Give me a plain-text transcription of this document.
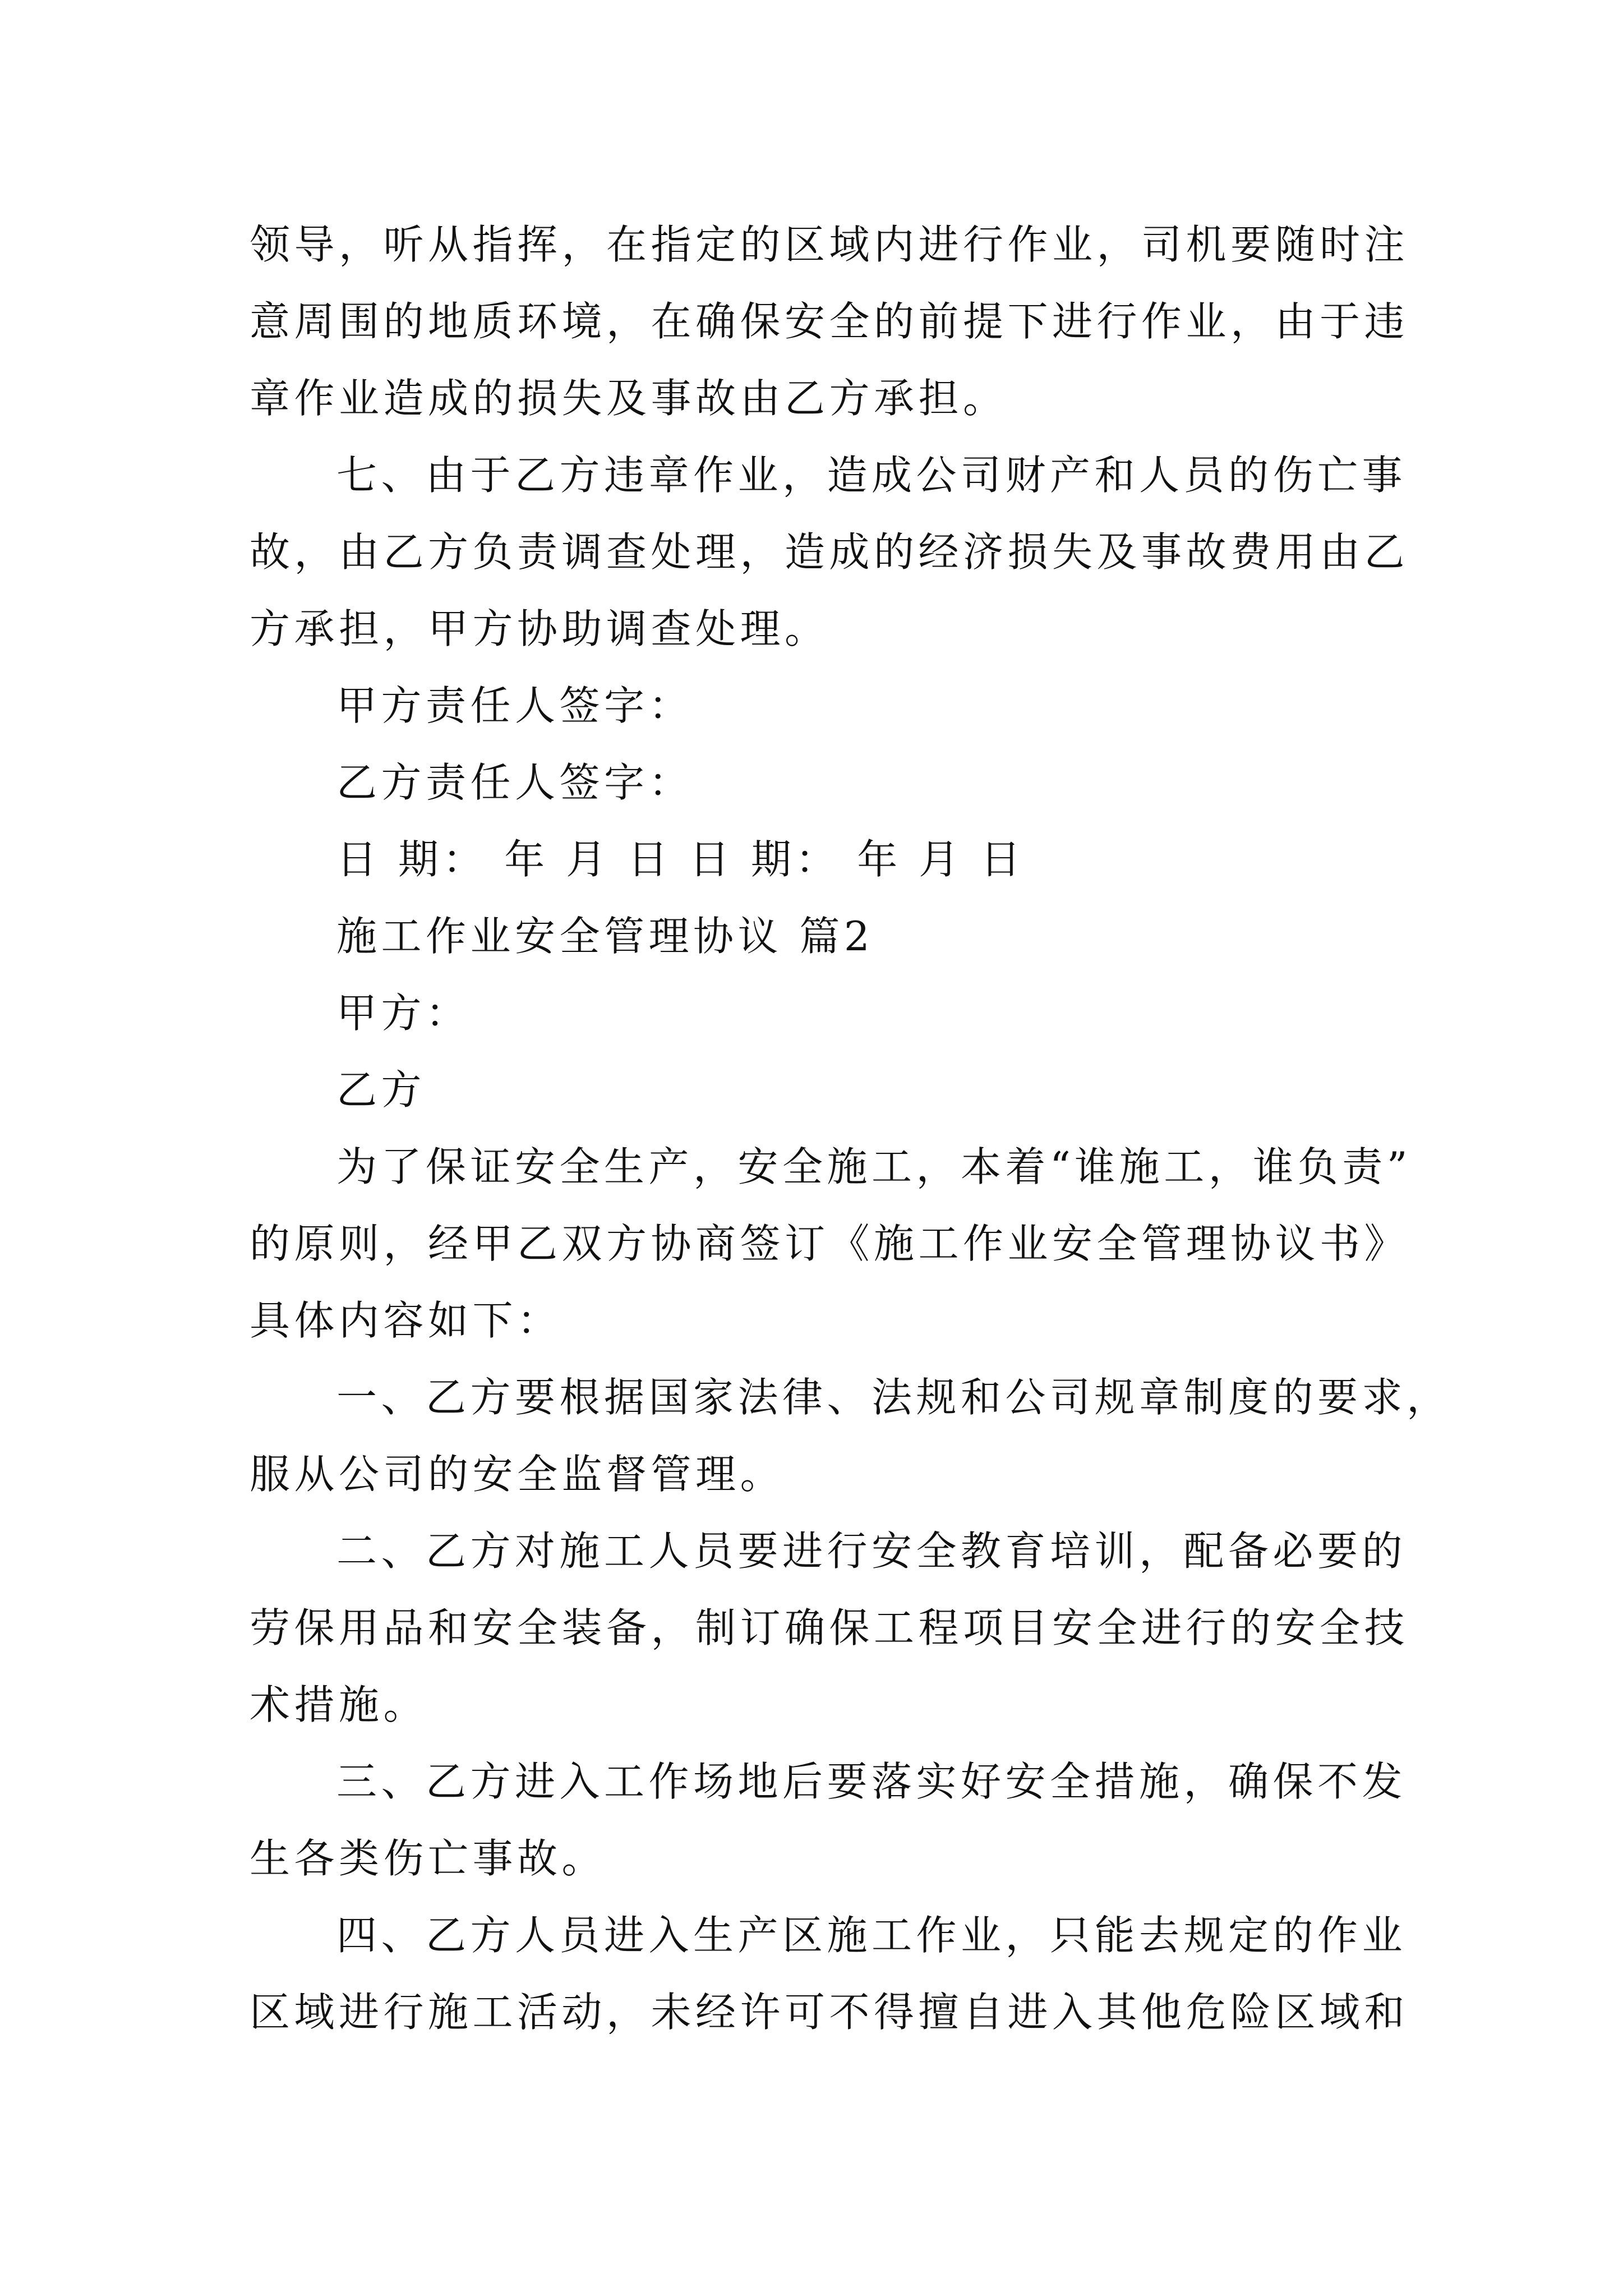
领导，听从指挥，在指定的区域内进行作业，司机要随时注
意周围的地质环境，在确保安全的前提下进行作业，由于违
章作业造成的损失及事故由乙方承担。
七、由于乙方违章作业，造成公司财产和人员的伤亡事
故，由乙方负责调查处理，造成的经济损失及事故费用由乙
方承担，甲方协助调查处理。
甲方责任人签字：
乙方责任人签字：
日 期： 年 月 日 日 期： 年 月 日
施工作业安全管理协议 篇2
甲方：
乙方
为了保证安全生产，安全施工，本着“谁施工，谁负责”
的原则，经甲乙双方协商签订《施工作业安全管理协议书》
具体内容如下：
一、乙方要根据国家法律、法规和公司规章制度的要求，
服从公司的安全监督管理。
二、乙方对施工人员要进行安全教育培训，配备必要的
劳保用品和安全装备，制订确保工程项目安全进行的安全技
术措施。
三、乙方进入工作场地后要落实好安全措施，确保不发
生各类伤亡事故。
四、乙方人员进入生产区施工作业，只能去规定的作业
区域进行施工活动，未经许可不得擅自进入其他危险区域和
